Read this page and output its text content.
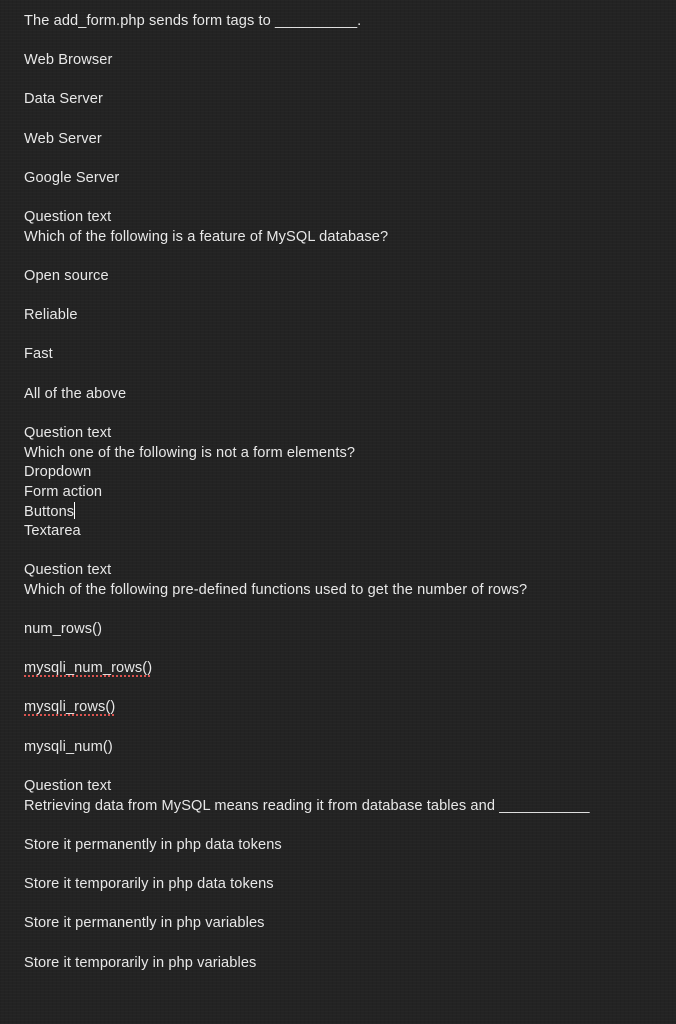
The add_form.php sends form tags to __________.
Web Browser
Data Server
Web Server
Google Server
Question text
Which of the following is a feature of MySQL database?
Open source
Reliable
Fast
All of the above
Question text
Which one of the following is not a form elements?
Dropdown
Form action
Buttons
Textarea
Question text
Which of the following pre-defined functions used to get the number of rows?
num_rows()
mysqli_num_rows()
mysqli_rows()
mysqli_num()
Question text
Retrieving data from MySQL means reading it from database tables and ___________
Store it permanently in php data tokens
Store it temporarily in php data tokens
Store it permanently in php variables
Store it temporarily in php variables
